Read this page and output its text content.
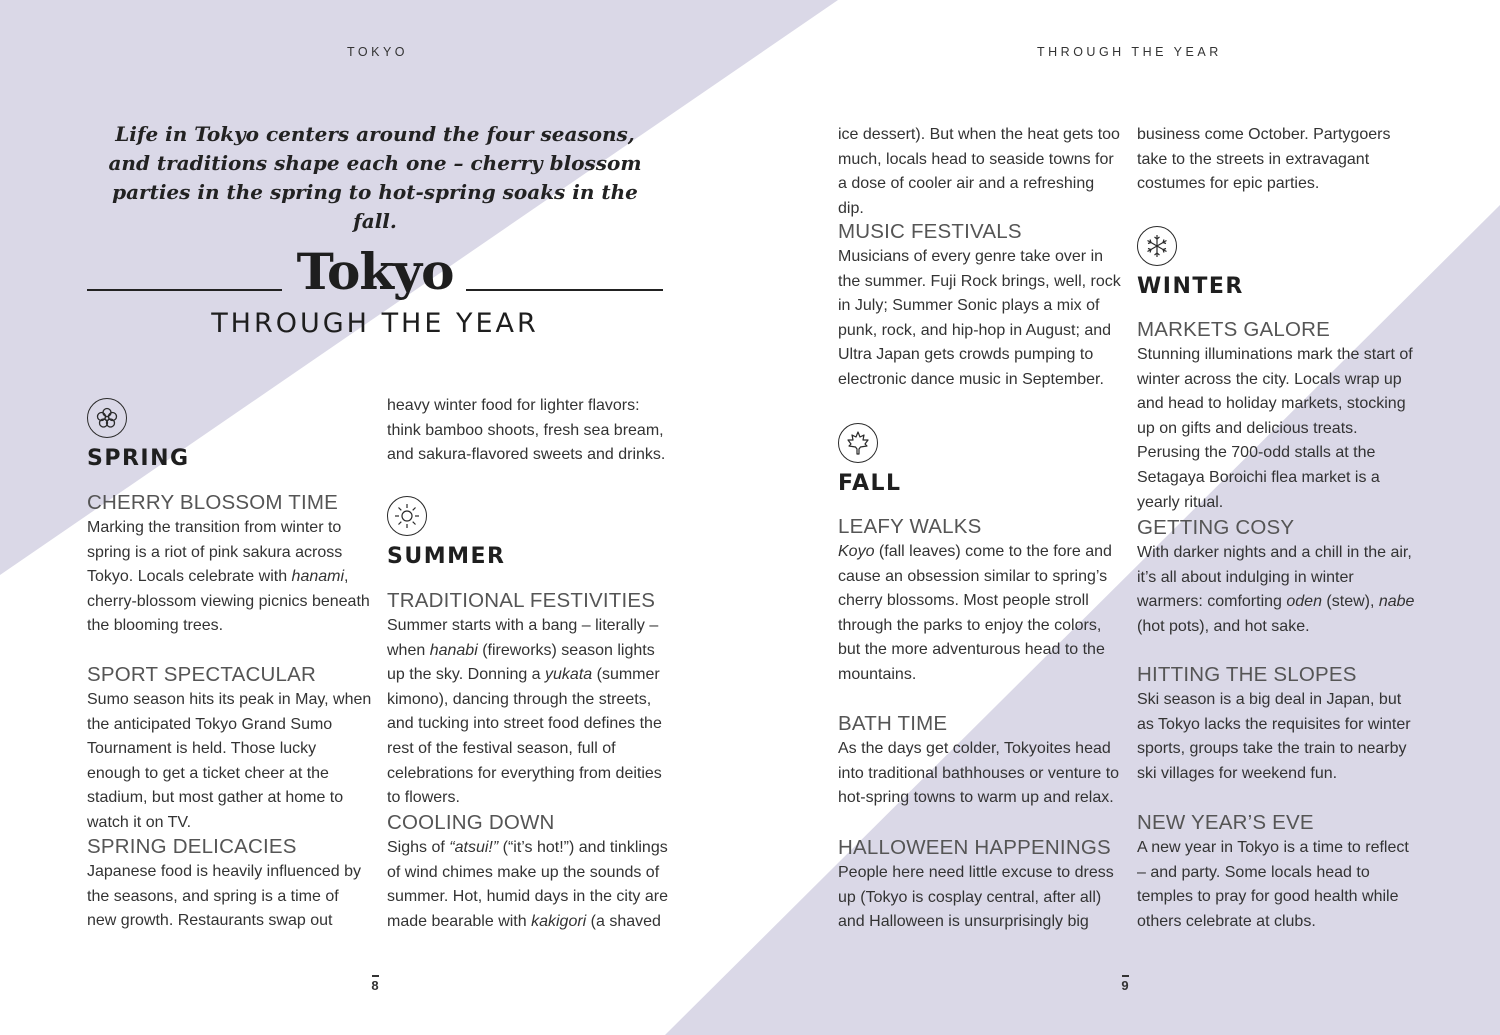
TOKYO	THROUGH THE YEAR
Life in Tokyo centers around the four seasons, and traditions shape each one – cherry blossom parties in the spring to hot-spring soaks in the fall.
Tokyo
THROUGH THE YEAR
SPRING
CHERRY BLOSSOM TIME
Marking the transition from winter to spring is a riot of pink sakura across Tokyo. Locals celebrate with hanami, cherry-blossom viewing picnics beneath the blooming trees.
SPORT SPECTACULAR
Sumo season hits its peak in May, when the anticipated Tokyo Grand Sumo Tournament is held. Those lucky enough to get a ticket cheer at the stadium, but most gather at home to watch it on TV.
SPRING DELICACIES
Japanese food is heavily influenced by the seasons, and spring is a time of new growth. Restaurants swap out
heavy winter food for lighter flavors: think bamboo shoots, fresh sea bream, and sakura-flavored sweets and drinks.
SUMMER
TRADITIONAL FESTIVITIES
Summer starts with a bang – literally – when hanabi (fireworks) season lights up the sky. Donning a yukata (summer kimono), dancing through the streets, and tucking into street food defines the rest of the festival season, full of celebrations for everything from deities to flowers.
COOLING DOWN
Sighs of “atsui!” (“it’s hot!”) and tinklings of wind chimes make up the sounds of summer. Hot, humid days in the city are made bearable with kakigori (a shaved
ice dessert). But when the heat gets too much, locals head to seaside towns for a dose of cooler air and a refreshing dip.
MUSIC FESTIVALS
Musicians of every genre take over in the summer. Fuji Rock brings, well, rock in July; Summer Sonic plays a mix of punk, rock, and hip-hop in August; and Ultra Japan gets crowds pumping to electronic dance music in September.
FALL
LEAFY WALKS
Koyo (fall leaves) come to the fore and cause an obsession similar to spring’s cherry blossoms. Most people stroll through the parks to enjoy the colors, but the more adventurous head to the mountains.
BATH TIME
As the days get colder, Tokyoites head into traditional bathhouses or venture to hot-spring towns to warm up and relax.
HALLOWEEN HAPPENINGS
People here need little excuse to dress up (Tokyo is cosplay central, after all) and Halloween is unsurprisingly big
business come October. Partygoers take to the streets in extravagant costumes for epic parties.
WINTER
MARKETS GALORE
Stunning illuminations mark the start of winter across the city. Locals wrap up and head to holiday markets, stocking up on gifts and delicious treats. Perusing the 700-odd stalls at the Setagaya Boroichi flea market is a yearly ritual.
GETTING COSY
With darker nights and a chill in the air, it’s all about indulging in winter warmers: comforting oden (stew), nabe (hot pots), and hot sake.
HITTING THE SLOPES
Ski season is a big deal in Japan, but as Tokyo lacks the requisites for winter sports, groups take the train to nearby ski villages for weekend fun.
NEW YEAR’S EVE
A new year in Tokyo is a time to reflect – and party. Some locals head to temples to pray for good health while others celebrate at clubs.
8	9
